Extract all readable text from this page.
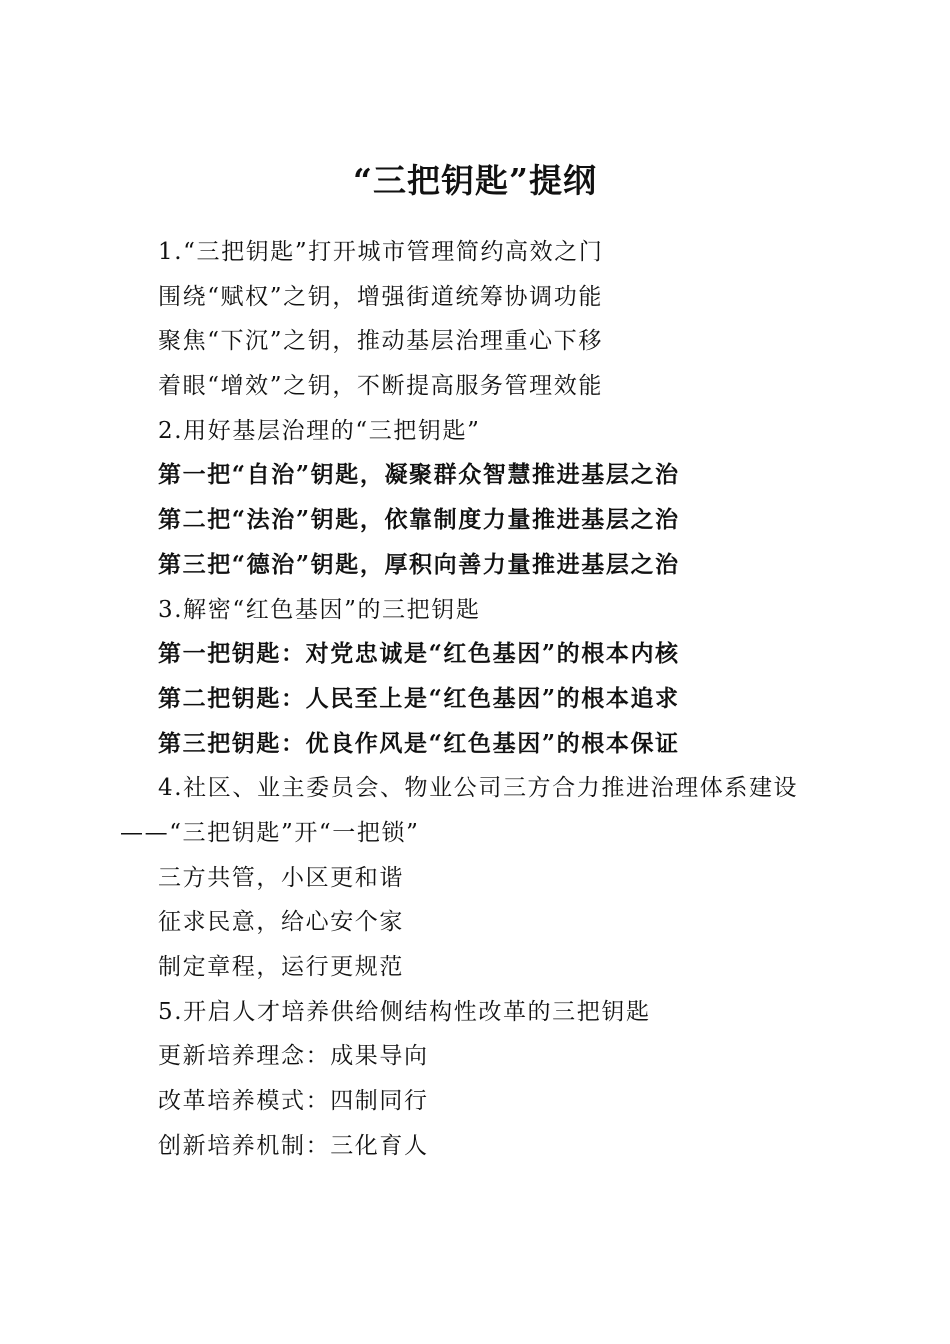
“三把钥匙”提纲
1.“三把钥匙”打开城市管理简约高效之门
围绕“赋权”之钥，增强街道统筹协调功能
聚焦“下沉”之钥，推动基层治理重心下移
着眼“增效”之钥，不断提高服务管理效能
2.用好基层治理的“三把钥匙”
第一把“自治”钥匙，凝聚群众智慧推进基层之治
第二把“法治”钥匙，依靠制度力量推进基层之治
第三把“德治”钥匙，厚积向善力量推进基层之治
3.解密“红色基因”的三把钥匙
第一把钥匙：对党忠诚是“红色基因”的根本内核
第二把钥匙：人民至上是“红色基因”的根本追求
第三把钥匙：优良作风是“红色基因”的根本保证
4.社区、业主委员会、物业公司三方合力推进治理体系建设
——“三把钥匙”开“一把锁”
三方共管，小区更和谐
征求民意，给心安个家
制定章程，运行更规范
5.开启人才培养供给侧结构性改革的三把钥匙
更新培养理念：成果导向
改革培养模式：四制同行
创新培养机制：三化育人
